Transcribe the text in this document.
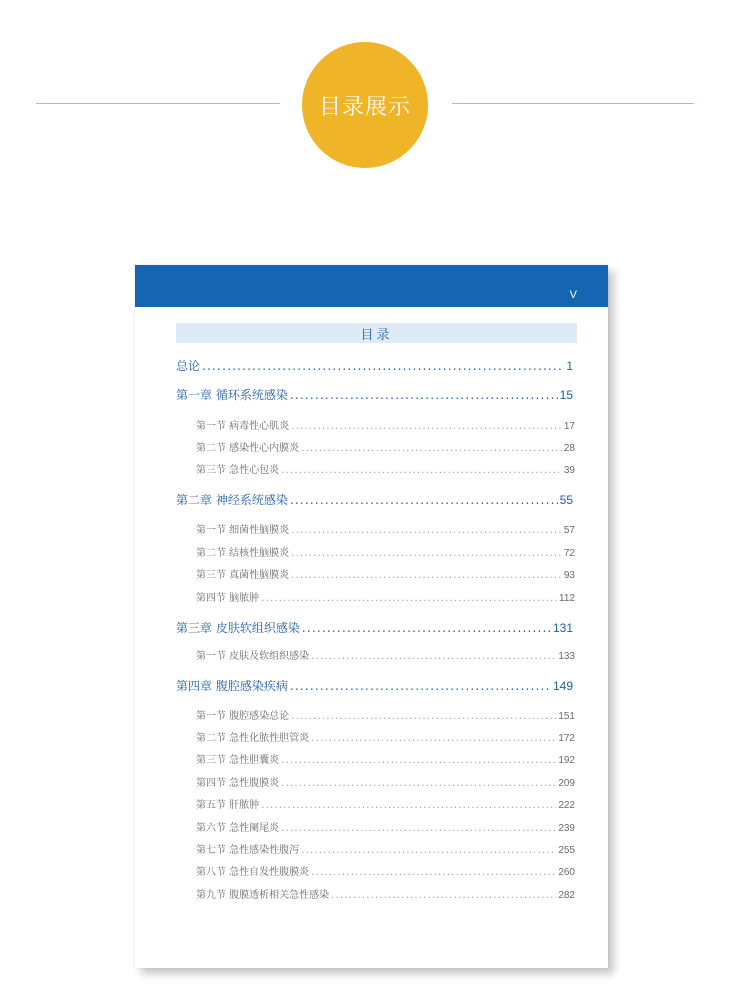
目录展示
V
目录
总论 .....	1
第一章 循环系统感染 .....	15
第一节 病毒性心肌炎 .....	17
第二节 感染性心内膜炎 .....	28
第三节 急性心包炎 .....	39
第二章 神经系统感染 .....	55
第一节 细菌性脑膜炎 .....	57
第二节 结核性脑膜炎 .....	72
第三节 真菌性脑膜炎 .....	93
第四节 脑脓肿 .....	112
第三章 皮肤软组织感染 .....	131
第一节 皮肤及软组织感染 .....	133
第四章 腹腔感染疾病 .....	149
第一节 腹腔感染总论 .....	151
第二节 急性化脓性胆管炎 .....	172
第三节 急性胆囊炎 .....	192
第四节 急性腹膜炎 .....	209
第五节 肝脓肿 .....	222
第六节 急性阑尾炎 .....	239
第七节 急性感染性腹泻 .....	255
第八节 急性自发性腹膜炎 .....	260
第九节 腹膜透析相关急性感染 .....	282
